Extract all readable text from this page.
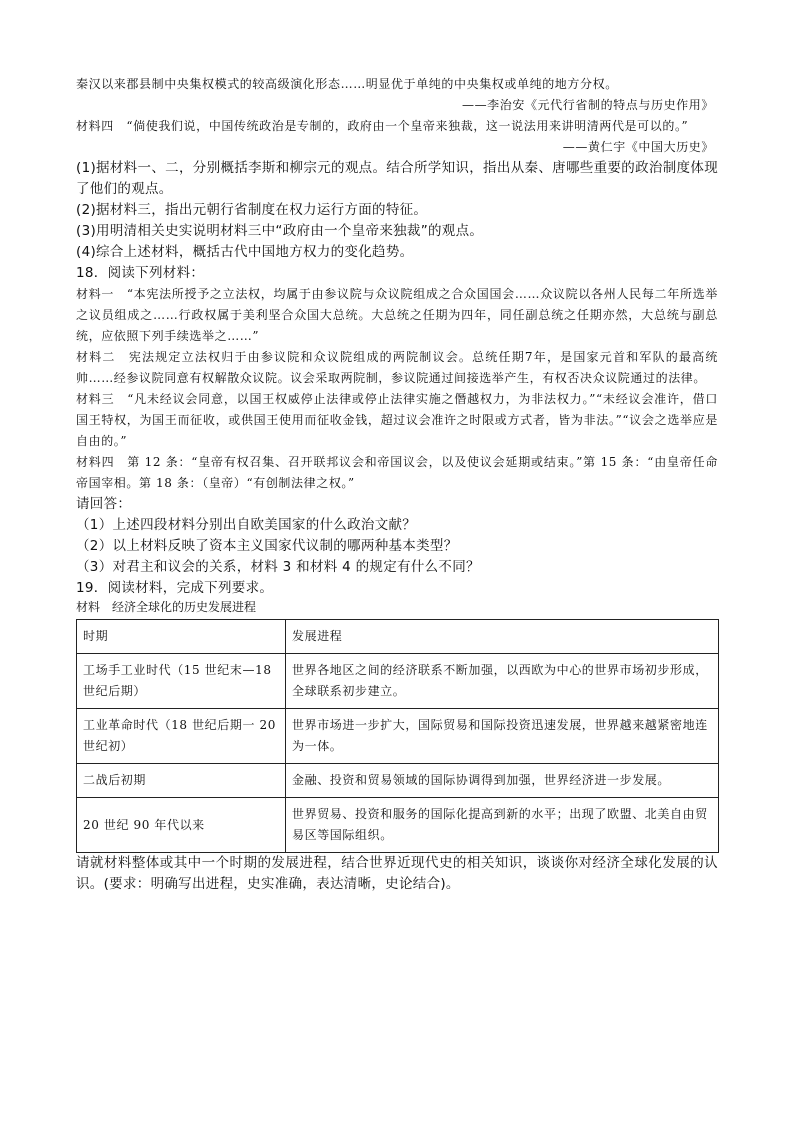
秦汉以来郡县制中央集权模式的较高级演化形态……明显优于单纯的中央集权或单纯的地方分权。

——李治安《元代行省制的特点与历史作用》

材料四　“倘使我们说，中国传统政治是专制的，政府由一个皇帝来独裁，这一说法用来讲明清两代是可以的。”

——黄仁宇《中国大历史》

(1)据材料一、二，分别概括李斯和柳宗元的观点。结合所学知识，指出从秦、唐哪些重要的政治制度体现了他们的观点。

(2)据材料三，指出元朝行省制度在权力运行方面的特征。

(3)用明清相关史实说明材料三中“政府由一个皇帝来独裁”的观点。

(4)综合上述材料，概括古代中国地方权力的变化趋势。

18．阅读下列材料：

材料一　“本宪法所授予之立法权，均属于由参议院与众议院组成之合众国国会……众议院以各州人民每二年所选举之议员组成之……行政权属于美利坚合众国大总统。大总统之任期为四年，同任副总统之任期亦然，大总统与副总统，应依照下列手续选举之……”

材料二　宪法规定立法权归于由参议院和众议院组成的两院制议会。总统任期7年，是国家元首和军队的最高统帅……经参议院同意有权解散众议院。议会采取两院制，参议院通过间接选举产生，有权否决众议院通过的法律。

材料三　“凡未经议会同意，以国王权威停止法律或停止法律实施之僭越权力，为非法权力。”“未经议会准许，借口国王特权，为国王而征收，或供国王使用而征收金钱，超过议会准许之时限或方式者，皆为非法。”“议会之选举应是自由的。”

材料四　第 12 条：“皇帝有权召集、召开联邦议会和帝国议会，以及使议会延期或结束。”第 15 条：“由皇帝任命帝国宰相。第 18 条：（皇帝）“有创制法律之权。”

请回答：

（1）上述四段材料分别出自欧美国家的什么政治文献？

（2）以上材料反映了资本主义国家代议制的哪两种基本类型？

（3）对君主和议会的关系，材料 3 和材料 4 的规定有什么不同？

19．阅读材料，完成下列要求。

材料　经济全球化的历史发展进程

时期	发展进程
工场手工业时代（15 世纪末—18 世纪后期）	世界各地区之间的经济联系不断加强，以西欧为中心的世界市场初步形成，全球联系初步建立。
工业革命时代（18 世纪后期一 20 世纪初）	世界市场进一步扩大，国际贸易和国际投资迅速发展，世界越来越紧密地连为一体。
二战后初期	金融、投资和贸易领域的国际协调得到加强，世界经济进一步发展。
20 世纪 90 年代以来	世界贸易、投资和服务的国际化提高到新的水平；出现了欧盟、北美自由贸易区等国际组织。

请就材料整体或其中一个时期的发展进程，结合世界近现代史的相关知识，谈谈你对经济全球化发展的认识。(要求：明确写出进程，史实准确，表达清晰，史论结合)。
